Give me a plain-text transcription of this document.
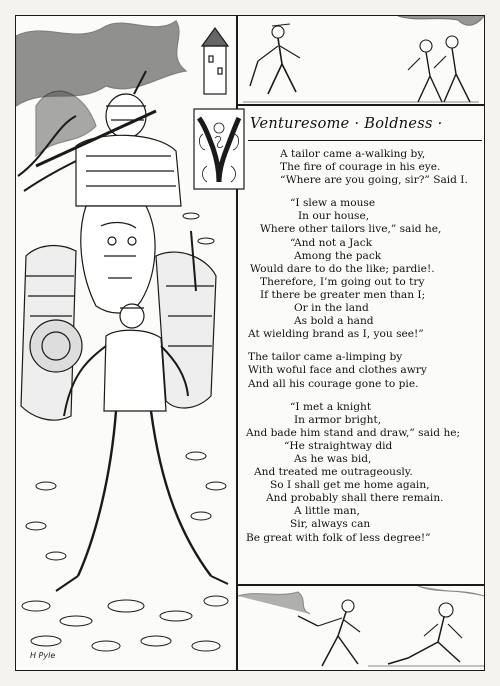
Venturesome · Boldness ·
A tailor came a-walking by,
The fire of courage in his eye.
“Where are you going, sir?” Said I.
“I slew a mouse
In our house,
Where other tailors live,” said he,
“And not a Jack
Among the pack
Would dare to do the like; pardie!.
Therefore, I’m going out to try
If there be greater men than I;
Or in the land
As bold a hand
At wielding brand as I, you see!”
The tailor came a-limping by
With woful face and clothes awry
And all his courage gone to pie.
“I met a knight
In armor bright,
And bade him stand and draw,” said he;
“He straightway did
As he was bid,
And treated me outrageously.
So I shall get me home again,
And probably shall there remain.
A little man,
Sir, always can
Be great with folk of less degree!”
H Pyle
